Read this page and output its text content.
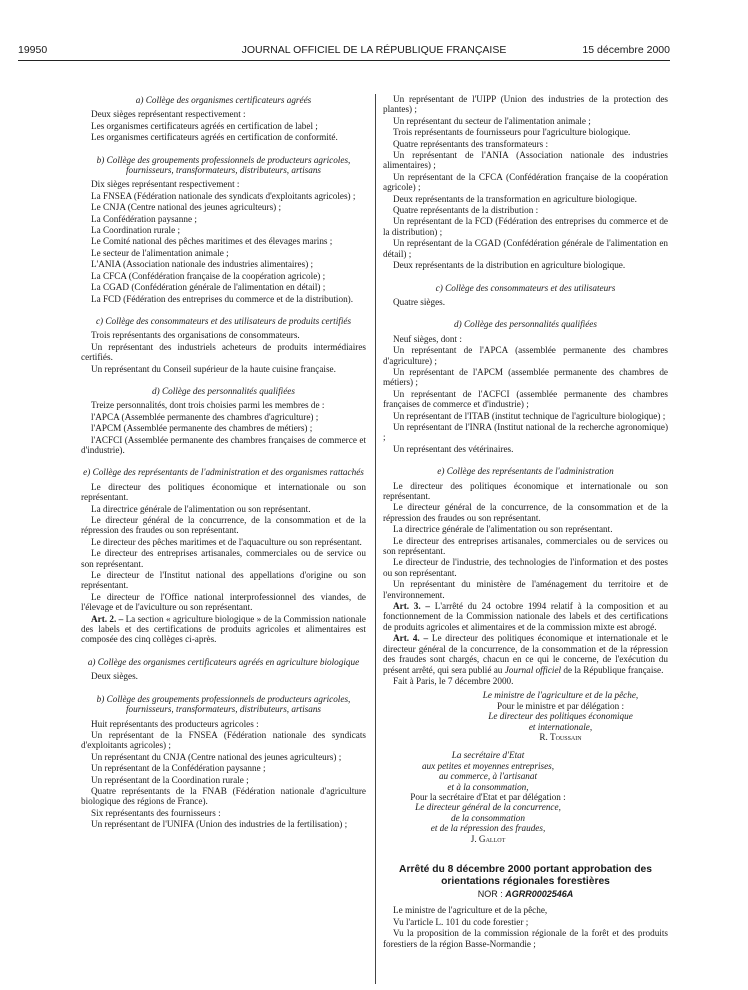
19950	JOURNAL OFFICIEL DE LA RÉPUBLIQUE FRANÇAISE	15 décembre 2000
a) Collège des organismes certificateurs agréés
Deux sièges représentant respectivement :
Les organismes certificateurs agréés en certification de label ;
Les organismes certificateurs agréés en certification de conformité.
b) Collège des groupements professionnels de producteurs agricoles, fournisseurs, transformateurs, distributeurs, artisans
Dix sièges représentant respectivement :
La FNSEA (Fédération nationale des syndicats d'exploitants agricoles) ;
Le CNJA (Centre national des jeunes agriculteurs) ;
La Confédération paysanne ;
La Coordination rurale ;
Le Comité national des pêches maritimes et des élevages marins ;
Le secteur de l'alimentation animale ;
L'ANIA (Association nationale des industries alimentaires) ;
La CFCA (Confédération française de la coopération agricole) ;
La CGAD (Confédération générale de l'alimentation en détail) ;
La FCD (Fédération des entreprises du commerce et de la distribution).
c) Collège des consommateurs et des utilisateurs de produits certifiés
Trois représentants des organisations de consommateurs.
Un représentant des industriels acheteurs de produits intermédiaires certifiés.
Un représentant du Conseil supérieur de la haute cuisine française.
d) Collège des personnalités qualifiées
Treize personnalités, dont trois choisies parmi les membres de :
l'APCA (Assemblée permanente des chambres d'agriculture) ;
l'APCM (Assemblée permanente des chambres de métiers) ;
l'ACFCI (Assemblée permanente des chambres françaises de commerce et d'industrie).
e) Collège des représentants de l'administration et des organismes rattachés
Le directeur des politiques économique et internationale ou son représentant.
La directrice générale de l'alimentation ou son représentant.
Le directeur général de la concurrence, de la consommation et de la répression des fraudes ou son représentant.
Le directeur des pêches maritimes et de l'aquaculture ou son représentant.
Le directeur des entreprises artisanales, commerciales ou de service ou son représentant.
Le directeur de l'Institut national des appellations d'origine ou son représentant.
Le directeur de l'Office national interprofessionnel des viandes, de l'élevage et de l'aviculture ou son représentant.
Art. 2. – La section « agriculture biologique » de la Commission nationale des labels et des certifications de produits agricoles et alimentaires est composée des cinq collèges ci-après.
a) Collège des organismes certificateurs agréés en agriculture biologique
Deux sièges.
b) Collège des groupements professionnels de producteurs agricoles, fournisseurs, transformateurs, distributeurs, artisans
Huit représentants des producteurs agricoles :
Un représentant de la FNSEA (Fédération nationale des syndicats d'exploitants agricoles) ;
Un représentant du CNJA (Centre national des jeunes agriculteurs) ;
Un représentant de la Confédération paysanne ;
Un représentant de la Coordination rurale ;
Quatre représentants de la FNAB (Fédération nationale d'agriculture biologique des régions de France).
Six représentants des fournisseurs :
Un représentant de l'UNIFA (Union des industries de la fertilisation) ;
Un représentant de l'UIPP (Union des industries de la protection des plantes) ;
Un représentant du secteur de l'alimentation animale ;
Trois représentants de fournisseurs pour l'agriculture biologique.
Quatre représentants des transformateurs :
Un représentant de l'ANIA (Association nationale des industries alimentaires) ;
Un représentant de la CFCA (Confédération française de la coopération agricole) ;
Deux représentants de la transformation en agriculture biologique.
Quatre représentants de la distribution :
Un représentant de la FCD (Fédération des entreprises du commerce et de la distribution) ;
Un représentant de la CGAD (Confédération générale de l'alimentation en détail) ;
Deux représentants de la distribution en agriculture biologique.
c) Collège des consommateurs et des utilisateurs
Quatre sièges.
d) Collège des personnalités qualifiées
Neuf sièges, dont :
Un représentant de l'APCA (assemblée permanente des chambres d'agriculture) ;
Un représentant de l'APCM (assemblée permanente des chambres de métiers) ;
Un représentant de l'ACFCI (assemblée permanente des chambres françaises de commerce et d'industrie) ;
Un représentant de l'ITAB (institut technique de l'agriculture biologique) ;
Un représentant de l'INRA (Institut national de la recherche agronomique) ;
Un représentant des vétérinaires.
e) Collège des représentants de l'administration
Le directeur des politiques économique et internationale ou son représentant.
Le directeur général de la concurrence, de la consommation et de la répression des fraudes ou son représentant.
La directrice générale de l'alimentation ou son représentant.
Le directeur des entreprises artisanales, commerciales ou de services ou son représentant.
Le directeur de l'industrie, des technologies de l'information et des postes ou son représentant.
Un représentant du ministère de l'aménagement du territoire et de l'environnement.
Art. 3. – L'arrêté du 24 octobre 1994 relatif à la composition et au fonctionnement de la Commission nationale des labels et des certifications de produits agricoles et alimentaires et de la commission mixte est abrogé.
Art. 4. – Le directeur des politiques économique et internationale et le directeur général de la concurrence, de la consommation et de la répression des fraudes sont chargés, chacun en ce qui le concerne, de l'exécution du présent arrêté, qui sera publié au Journal officiel de la République française.
Fait à Paris, le 7 décembre 2000.

Le ministre de l'agriculture et de la pêche,

Pour le ministre et par délégation :

Le directeur des politiques économique

et internationale,

R. Toussain

La secrétaire d'Etat

aux petites et moyennes entreprises,

au commerce, à l'artisanat

et à la consommation,

Pour la secrétaire d'Etat et par délégation :

Le directeur général de la concurrence,

de la consommation

et de la répression des fraudes,

J. Gallot

Arrêté du 8 décembre 2000 portant approbation des orientations régionales forestières
NOR : AGRR0002546A
Le ministre de l'agriculture et de la pêche,
Vu l'article L. 101 du code forestier ;
Vu la proposition de la commission régionale de la forêt et des produits forestiers de la région Basse-Normandie ;
